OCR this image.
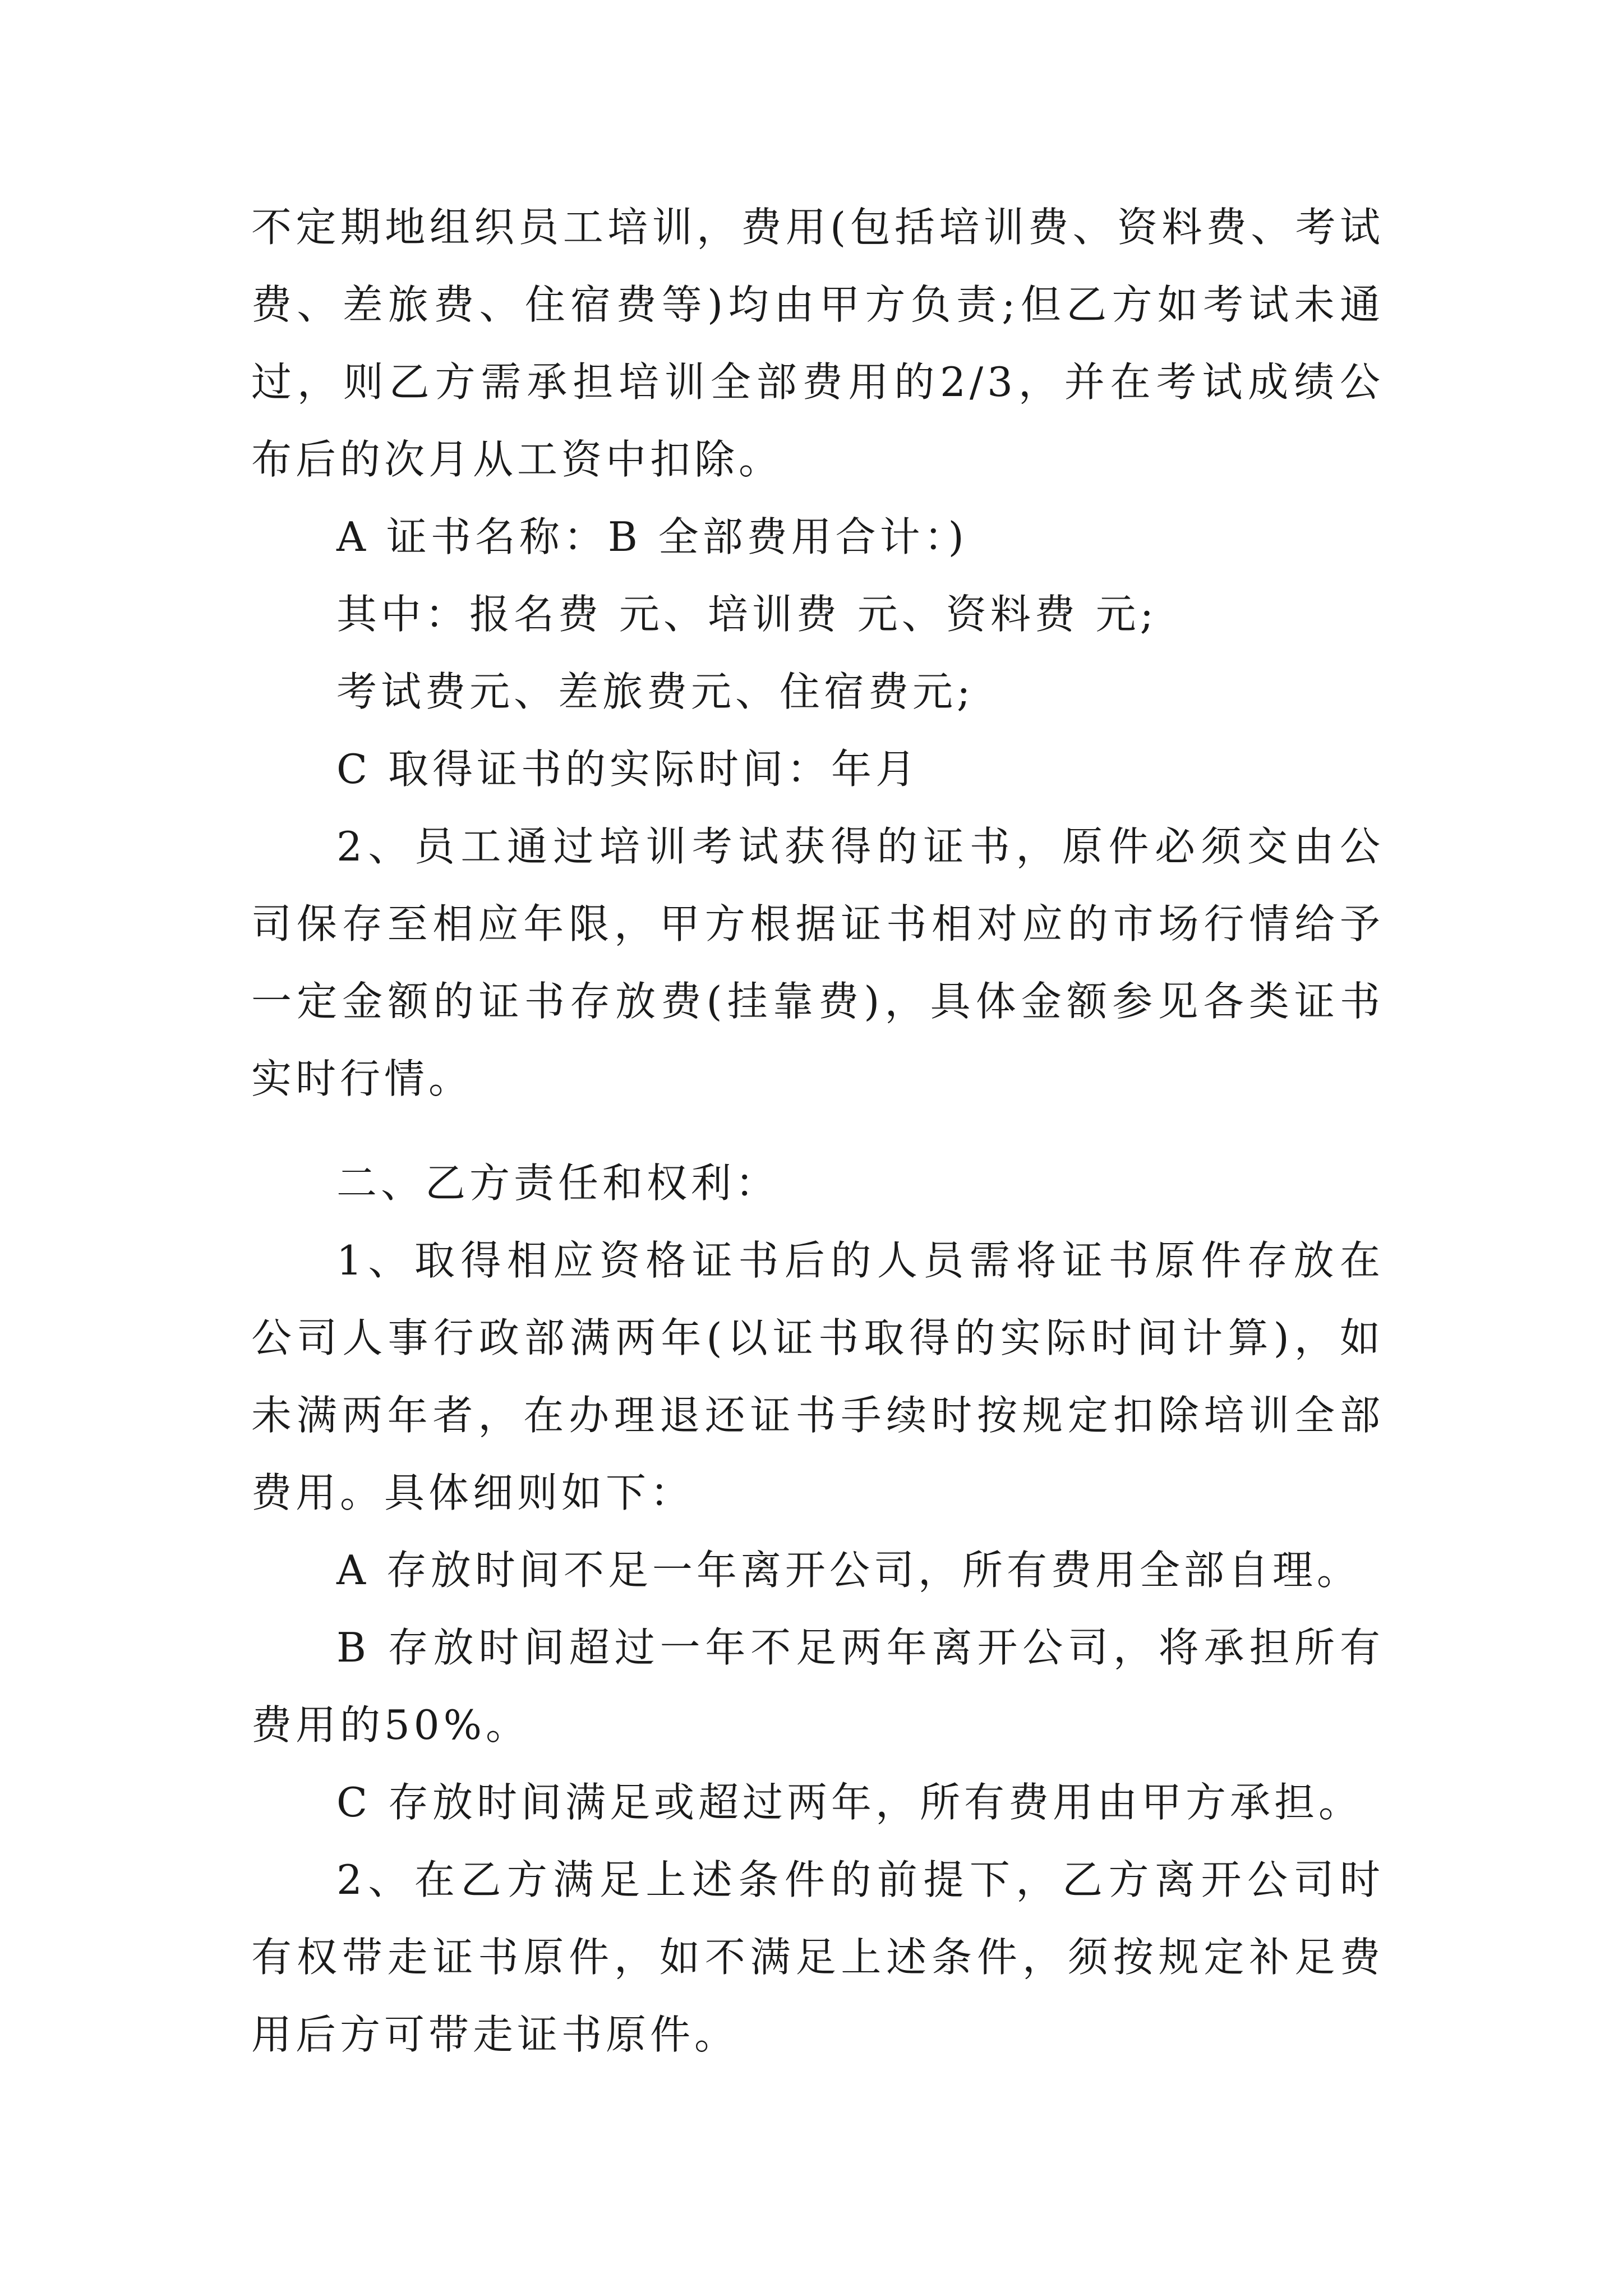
不定期地组织员工培训，费用(包括培训费、资料费、考试费、差旅费、住宿费等)均由甲方负责;但乙方如考试未通过，则乙方需承担培训全部费用的2/3，并在考试成绩公布后的次月从工资中扣除。

A 证书名称：B 全部费用合计：)

其中：报名费 元、培训费 元、资料费 元;

考试费元、差旅费元、住宿费元;

C 取得证书的实际时间：年月

2、员工通过培训考试获得的证书，原件必须交由公司保存至相应年限，甲方根据证书相对应的市场行情给予一定金额的证书存放费(挂靠费)，具体金额参见各类证书实时行情。

二、乙方责任和权利：

1、取得相应资格证书后的人员需将证书原件存放在公司人事行政部满两年(以证书取得的实际时间计算)，如未满两年者，在办理退还证书手续时按规定扣除培训全部费用。具体细则如下：

A 存放时间不足一年离开公司，所有费用全部自理。

B 存放时间超过一年不足两年离开公司，将承担所有费用的50%。

C 存放时间满足或超过两年，所有费用由甲方承担。

2、在乙方满足上述条件的前提下，乙方离开公司时有权带走证书原件，如不满足上述条件，须按规定补足费用后方可带走证书原件。
